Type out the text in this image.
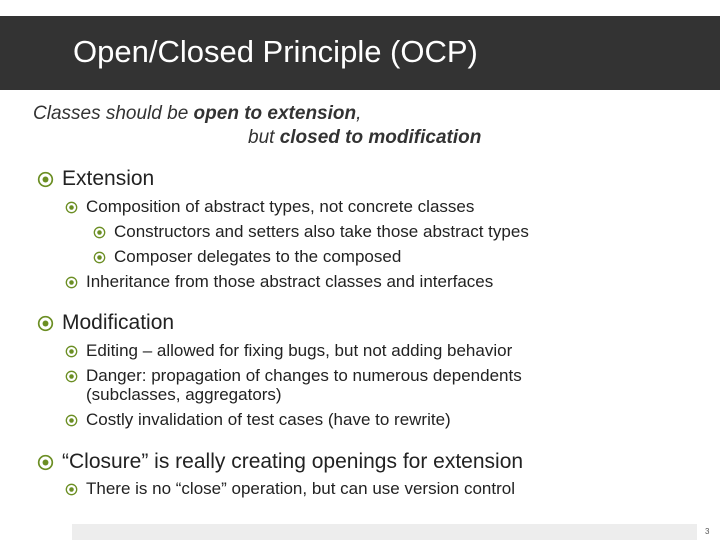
Open/Closed Principle (OCP)
Classes should be open to extension,
but closed to modification
Extension
Composition of abstract types, not concrete classes
Constructors and setters also take those abstract types
Composer delegates to the composed
Inheritance from those abstract classes and interfaces
Modification
Editing – allowed for fixing bugs, but not adding behavior
Danger: propagation of changes to numerous dependents
(subclasses, aggregators)
Costly invalidation of test cases (have to rewrite)
“Closure” is really creating openings for extension
There is no “close” operation, but can use version control
3
